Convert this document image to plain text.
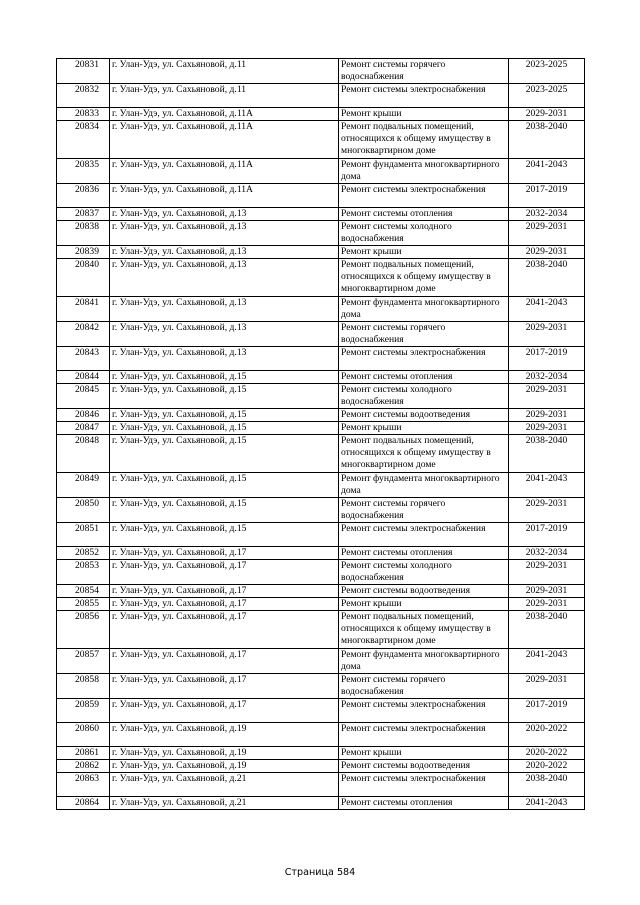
20831	г. Улан-Удэ, ул. Сахьяновой, д.11	Ремонт системы горячего водоснабжения	2023-2025
20832	г. Улан-Удэ, ул. Сахьяновой, д.11	Ремонт системы электроснабжения	2023-2025
20833	г. Улан-Удэ, ул. Сахьяновой, д.11А	Ремонт крыши	2029-2031
20834	г. Улан-Удэ, ул. Сахьяновой, д.11А	Ремонт подвальных помещений, относящихся к общему имуществу в многоквартирном доме	2038-2040
20835	г. Улан-Удэ, ул. Сахьяновой, д.11А	Ремонт фундамента многоквартирного дома	2041-2043
20836	г. Улан-Удэ, ул. Сахьяновой, д.11А	Ремонт системы электроснабжения	2017-2019
20837	г. Улан-Удэ, ул. Сахьяновой, д.13	Ремонт системы отопления	2032-2034
20838	г. Улан-Удэ, ул. Сахьяновой, д.13	Ремонт системы холодного водоснабжения	2029-2031
20839	г. Улан-Удэ, ул. Сахьяновой, д.13	Ремонт крыши	2029-2031
20840	г. Улан-Удэ, ул. Сахьяновой, д.13	Ремонт подвальных помещений, относящихся к общему имуществу в многоквартирном доме	2038-2040
20841	г. Улан-Удэ, ул. Сахьяновой, д.13	Ремонт фундамента многоквартирного дома	2041-2043
20842	г. Улан-Удэ, ул. Сахьяновой, д.13	Ремонт системы горячего водоснабжения	2029-2031
20843	г. Улан-Удэ, ул. Сахьяновой, д.13	Ремонт системы электроснабжения	2017-2019
20844	г. Улан-Удэ, ул. Сахьяновой, д.15	Ремонт системы отопления	2032-2034
20845	г. Улан-Удэ, ул. Сахьяновой, д.15	Ремонт системы холодного водоснабжения	2029-2031
20846	г. Улан-Удэ, ул. Сахьяновой, д.15	Ремонт системы водоотведения	2029-2031
20847	г. Улан-Удэ, ул. Сахьяновой, д.15	Ремонт крыши	2029-2031
20848	г. Улан-Удэ, ул. Сахьяновой, д.15	Ремонт подвальных помещений, относящихся к общему имуществу в многоквартирном доме	2038-2040
20849	г. Улан-Удэ, ул. Сахьяновой, д.15	Ремонт фундамента многоквартирного дома	2041-2043
20850	г. Улан-Удэ, ул. Сахьяновой, д.15	Ремонт системы горячего водоснабжения	2029-2031
20851	г. Улан-Удэ, ул. Сахьяновой, д.15	Ремонт системы электроснабжения	2017-2019
20852	г. Улан-Удэ, ул. Сахьяновой, д.17	Ремонт системы отопления	2032-2034
20853	г. Улан-Удэ, ул. Сахьяновой, д.17	Ремонт системы холодного водоснабжения	2029-2031
20854	г. Улан-Удэ, ул. Сахьяновой, д.17	Ремонт системы водоотведения	2029-2031
20855	г. Улан-Удэ, ул. Сахьяновой, д.17	Ремонт крыши	2029-2031
20856	г. Улан-Удэ, ул. Сахьяновой, д.17	Ремонт подвальных помещений, относящихся к общему имуществу в многоквартирном доме	2038-2040
20857	г. Улан-Удэ, ул. Сахьяновой, д.17	Ремонт фундамента многоквартирного дома	2041-2043
20858	г. Улан-Удэ, ул. Сахьяновой, д.17	Ремонт системы горячего водоснабжения	2029-2031
20859	г. Улан-Удэ, ул. Сахьяновой, д.17	Ремонт системы электроснабжения	2017-2019
20860	г. Улан-Удэ, ул. Сахьяновой, д.19	Ремонт системы электроснабжения	2020-2022
20861	г. Улан-Удэ, ул. Сахьяновой, д.19	Ремонт крыши	2020-2022
20862	г. Улан-Удэ, ул. Сахьяновой, д.19	Ремонт системы водоотведения	2020-2022
20863	г. Улан-Удэ, ул. Сахьяновой, д.21	Ремонт системы электроснабжения	2038-2040
20864	г. Улан-Удэ, ул. Сахьяновой, д.21	Ремонт системы отопления	2041-2043
Страница 584
